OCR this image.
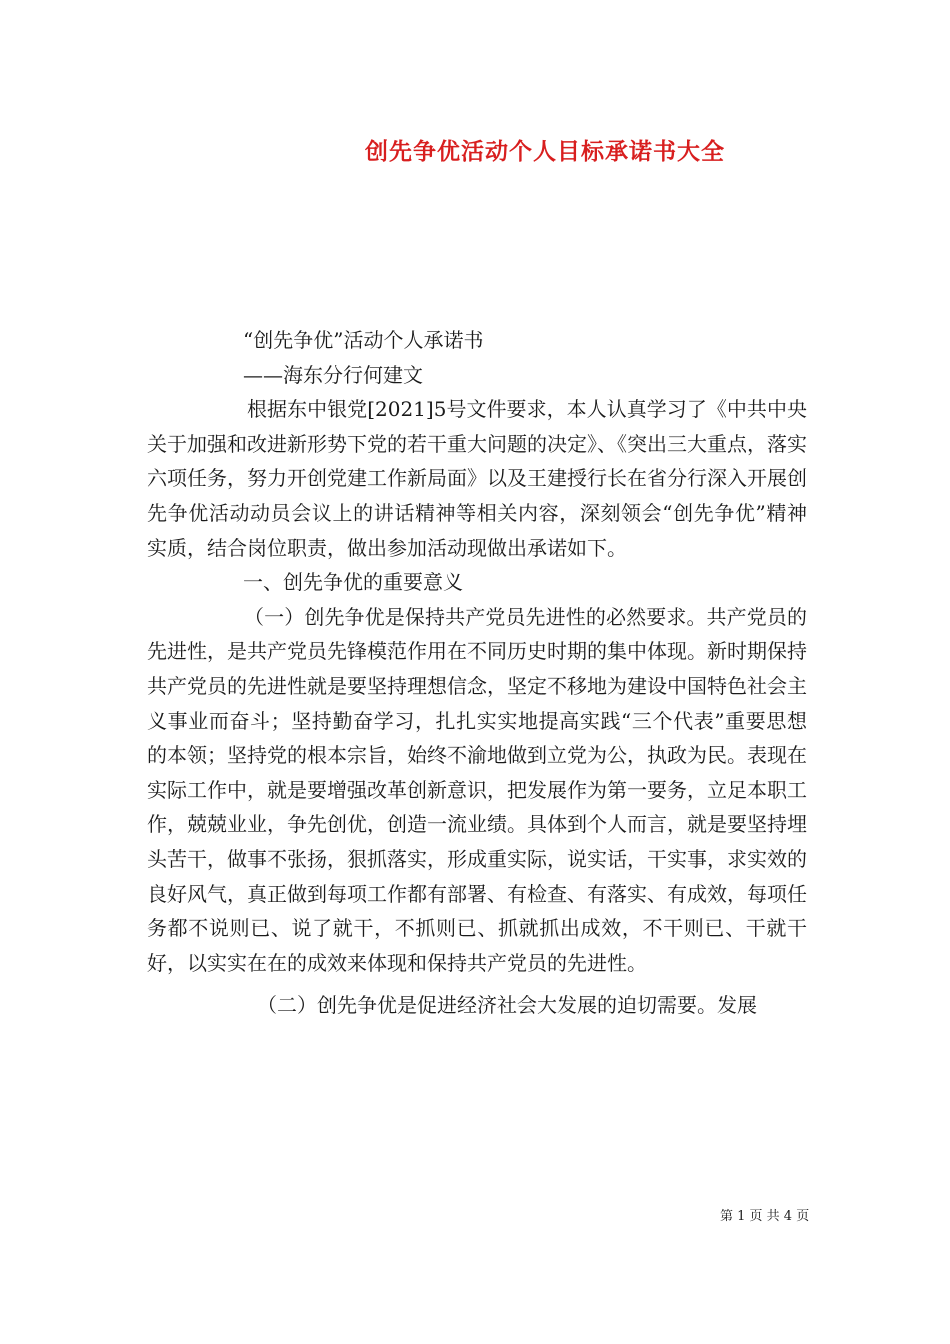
创先争优活动个人目标承诺书大全
“创先争优”活动个人承诺书
——海东分行何建文
根据东中银党[2021]5号文件要求，本人认真学习了《中共中央关于加强和改进新形势下党的若干重大问题的决定》、《突出三大重点，落实六项任务，努力开创党建工作新局面》以及王建授行长在省分行深入开展创先争优活动动员会议上的讲话精神等相关内容，深刻领会“创先争优”精神实质，结合岗位职责，做出参加活动现做出承诺如下。
一、创先争优的重要意义
（一）创先争优是保持共产党员先进性的必然要求。共产党员的先进性，是共产党员先锋模范作用在不同历史时期的集中体现。新时期保持共产党员的先进性就是要坚持理想信念，坚定不移地为建设中国特色社会主义事业而奋斗；坚持勤奋学习，扎扎实实地提高实践“三个代表”重要思想的本领；坚持党的根本宗旨，始终不渝地做到立党为公，执政为民。表现在实际工作中，就是要增强改革创新意识，把发展作为第一要务，立足本职工作，兢兢业业，争先创优，创造一流业绩。具体到个人而言，就是要坚持埋头苦干，做事不张扬，狠抓落实，形成重实际，说实话，干实事，求实效的良好风气，真正做到每项工作都有部署、有检查、有落实、有成效，每项任务都不说则已、说了就干，不抓则已、抓就抓出成效，不干则已、干就干好，以实实在在的成效来体现和保持共产党员的先进性。
（二）创先争优是促进经济社会大发展的迫切需要。发展
第 1 页 共 4 页
